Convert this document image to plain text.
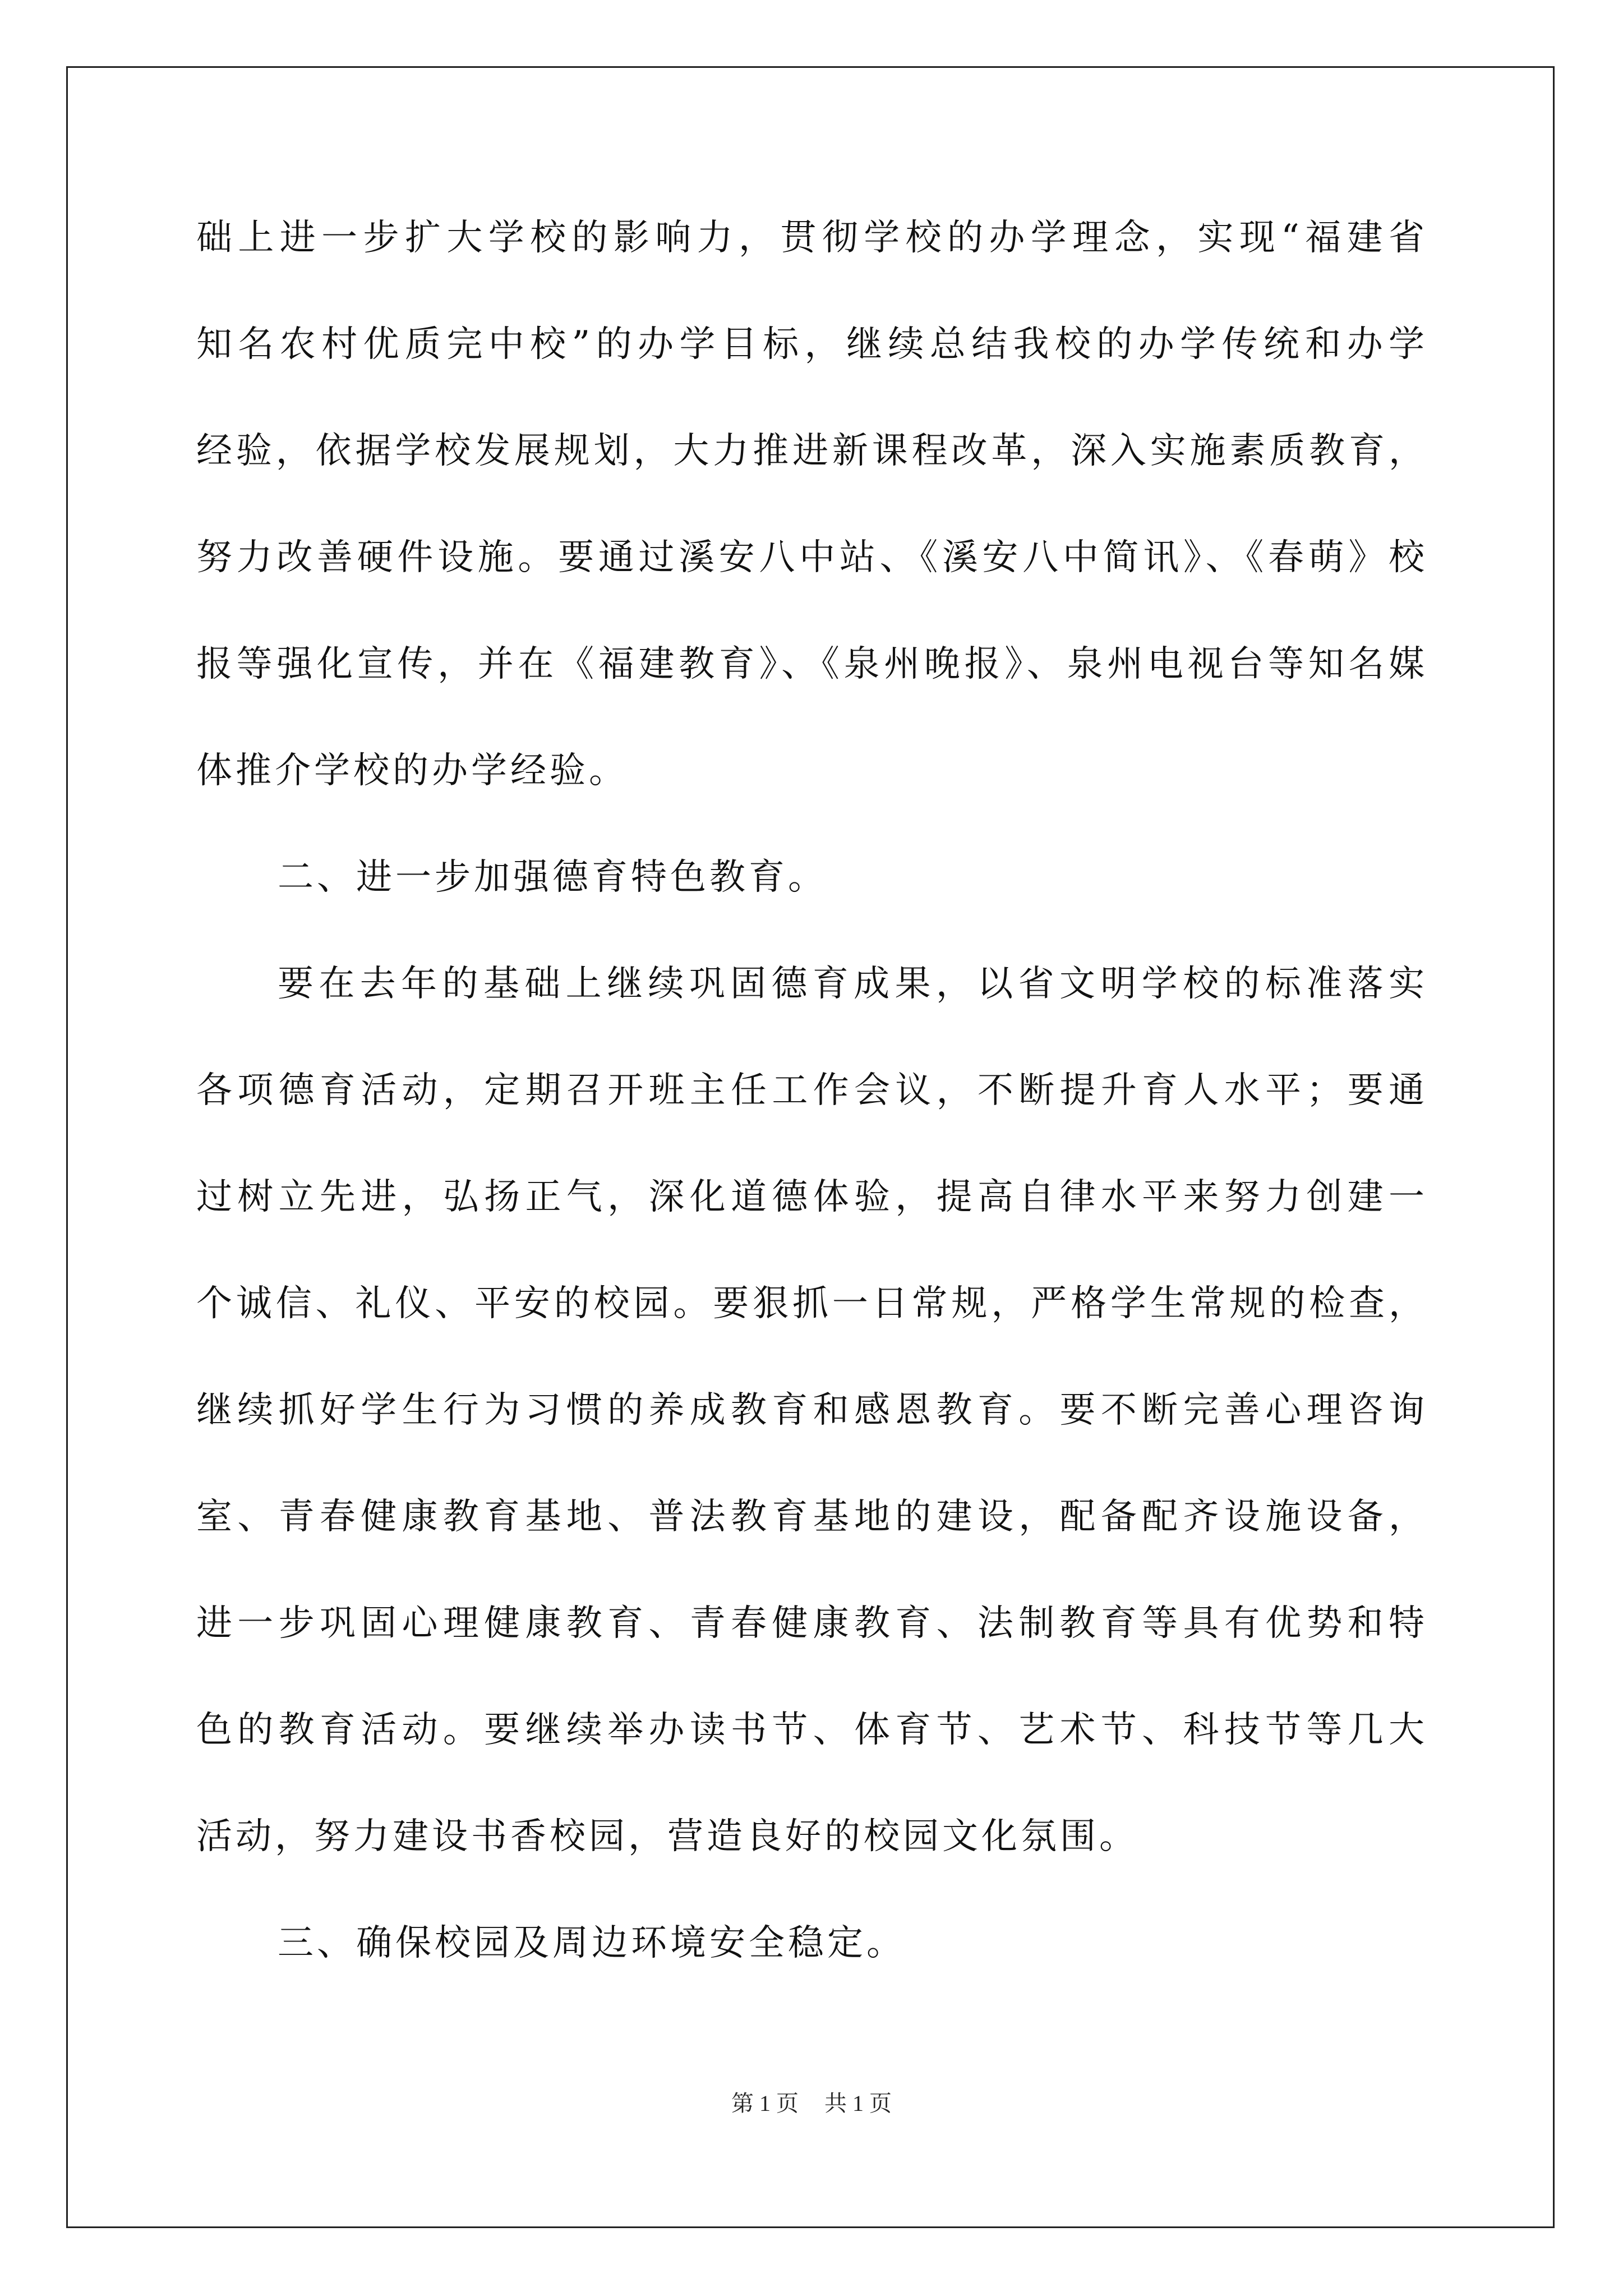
础上进一步扩大学校的影响力，贯彻学校的办学理念，实现“福建省
知名农村优质完中校”的办学目标，继续总结我校的办学传统和办学
经验，依据学校发展规划，大力推进新课程改革，深入实施素质教育，
努力改善硬件设施。要通过溪安八中站、《溪安八中简讯》、《春萌》校
报等强化宣传，并在《福建教育》、《泉州晚报》、泉州电视台等知名媒
体推介学校的办学经验。
二、进一步加强德育特色教育。
要在去年的基础上继续巩固德育成果，以省文明学校的标准落实
各项德育活动，定期召开班主任工作会议，不断提升育人水平；要通
过树立先进，弘扬正气，深化道德体验，提高自律水平来努力创建一
个诚信、礼仪、平安的校园。要狠抓一日常规，严格学生常规的检查，
继续抓好学生行为习惯的养成教育和感恩教育。要不断完善心理咨询
室、青春健康教育基地、普法教育基地的建设，配备配齐设施设备，
进一步巩固心理健康教育、青春健康教育、法制教育等具有优势和特
色的教育活动。要继续举办读书节、体育节、艺术节、科技节等几大
活动，努力建设书香校园，营造良好的校园文化氛围。
三、确保校园及周边环境安全稳定。
第 1 页 共 1 页
